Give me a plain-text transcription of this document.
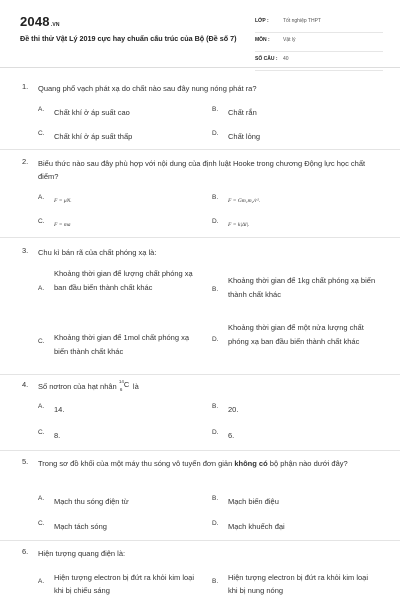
2048.VN
Đề thi thử Vật Lý 2019 cực hay chuẩn cấu trúc của Bộ (Đề số 7)
LỚP :	Tốt nghiệp THPT
MÔN :	Vật lý
SỐ CÂU : 40
1. Quang phổ vạch phát xạ do chất nào sau đây nung nóng phát ra?
A. Chất khí ở áp suất cao	B. Chất rắn
C. Chất khí ở áp suất thấp	D. Chất lỏng
2. Biểu thức nào sau đây phù hợp với nội dung của định luật Hooke trong chương Động lực học chất điểm?
A. F = μN.	B. F = Gm₁m₂/r².
C. F = ma	D. F = k|Δl|.
3. Chu kì bán rã của chất phóng xạ là:
A.
Khoảng thời gian để lượng chất phóng xạ ban đầu biến thành chất khác	B.
Khoảng thời gian để 1kg chất phóng xạ biến thành chất khác
C. Khoảng thời gian để 1mol chất phóng xạ biến thành chất khác
D.
Khoảng thời gian để một nửa lượng chất phóng xạ ban đầu biến thành chất khác
4. Số nơtron của hạt nhân
14
6
C là
A. 14.	B. 20.
C. 8.	D. 6.
5. Trong sơ đồ khối của một máy thu sóng vô tuyến đơn giản không có bộ phận nào dưới đây?
A. Mạch thu sóng điện từ	B. Mạch biến điệu
C. Mạch tách sóng	D. Mạch khuếch đại
6. Hiện tượng quang điện là:
A. Hiện tượng electron bị đứt ra khỏi kim loại khi bị chiếu sáng
B. Hiện tượng electron bị đứt ra khỏi kim loại khi bị nung nóng
